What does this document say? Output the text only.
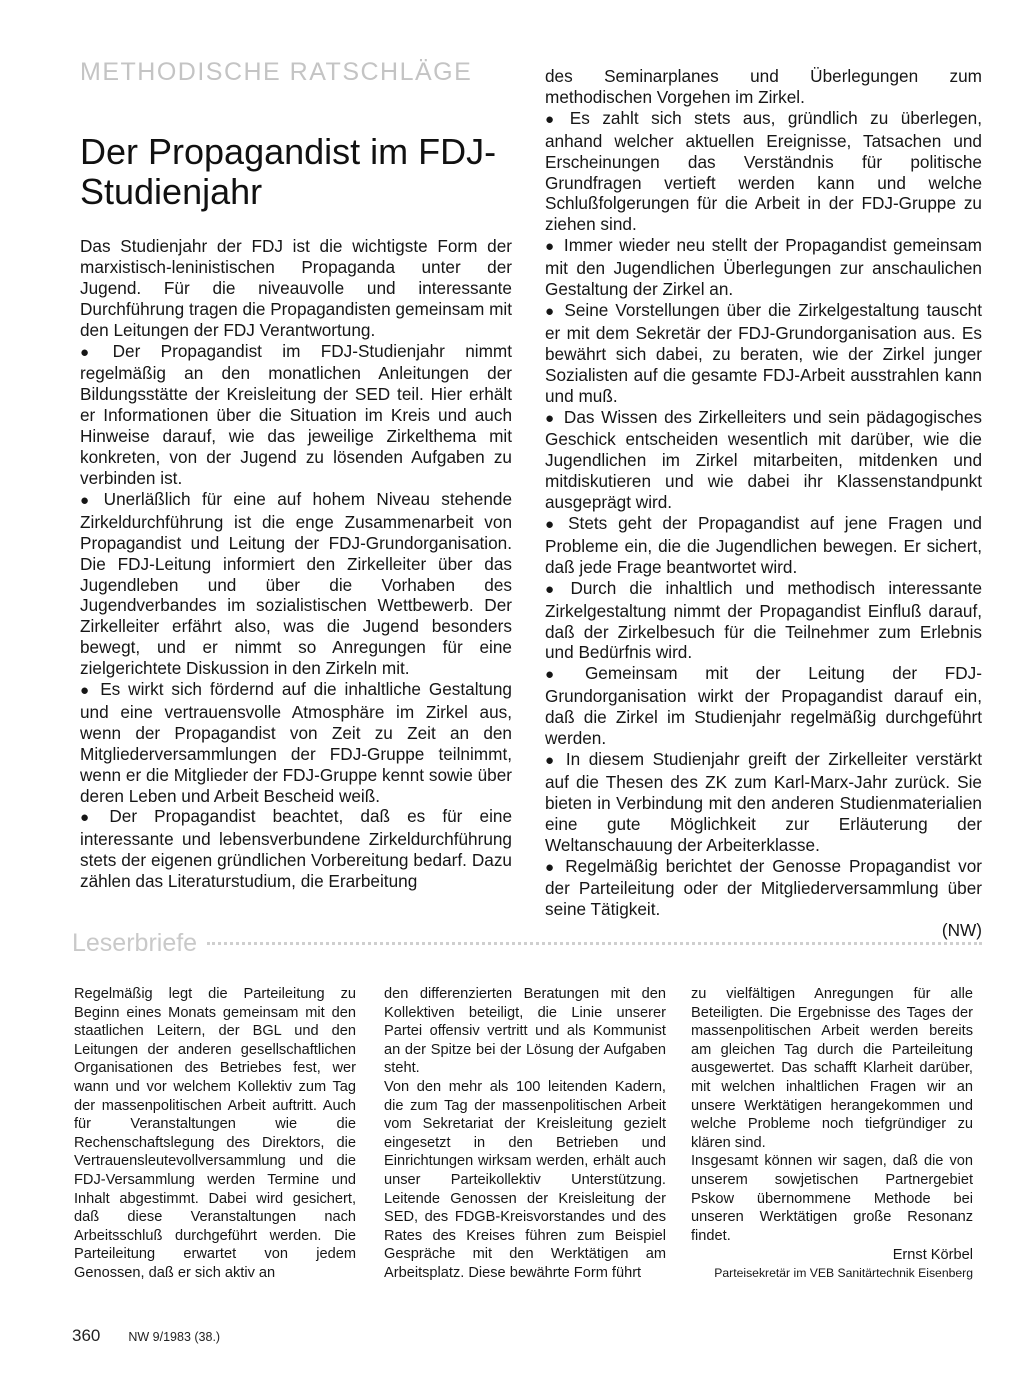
METHODISCHE RATSCHLÄGE
Der Propagandist im FDJ-Studienjahr

Das Studienjahr der FDJ ist die wichtigste Form der marxistisch-leninistischen Propaganda unter der Jugend. Für die niveauvolle und interessante Durchführung tragen die Propagandisten gemeinsam mit den Leitungen der FDJ Verantwortung.

● Der Propagandist im FDJ-Studienjahr nimmt regelmäßig an den monatlichen Anleitungen der Bildungsstätte der Kreisleitung der SED teil. Hier erhält er Informationen über die Situation im Kreis und auch Hinweise darauf, wie das jeweilige Zirkelthema mit konkreten, von der Jugend zu lösenden Aufgaben zu verbinden ist.

● Unerläßlich für eine auf hohem Niveau stehende Zirkeldurchführung ist die enge Zusammenarbeit von Propagandist und Leitung der FDJ-Grundorganisation. Die FDJ-Leitung informiert den Zirkelleiter über das Jugendleben und über die Vorhaben des Jugendverbandes im sozialistischen Wettbewerb. Der Zirkelleiter erfährt also, was die Jugend besonders bewegt, und er nimmt so Anregungen für eine zielgerichtete Diskussion in den Zirkeln mit.

● Es wirkt sich fördernd auf die inhaltliche Gestaltung und eine vertrauensvolle Atmosphäre im Zirkel aus, wenn der Propagandist von Zeit zu Zeit an den Mitgliederversammlungen der FDJ-Gruppe teilnimmt, wenn er die Mitglieder der FDJ-Gruppe kennt sowie über deren Leben und Arbeit Bescheid weiß.

● Der Propagandist beachtet, daß es für eine interessante und lebensverbundene Zirkeldurchführung stets der eigenen gründlichen Vorbereitung bedarf. Dazu zählen das Literaturstudium, die Erarbeitung

des Seminarplanes und Überlegungen zum methodischen Vorgehen im Zirkel.

● Es zahlt sich stets aus, gründlich zu überlegen, anhand welcher aktuellen Ereignisse, Tatsachen und Erscheinungen das Verständnis für politische Grundfragen vertieft werden kann und welche Schlußfolgerungen für die Arbeit in der FDJ-Gruppe zu ziehen sind.

● Immer wieder neu stellt der Propagandist gemeinsam mit den Jugendlichen Überlegungen zur anschaulichen Gestaltung der Zirkel an.

● Seine Vorstellungen über die Zirkelgestaltung tauscht er mit dem Sekretär der FDJ-Grundorganisation aus. Es bewährt sich dabei, zu beraten, wie der Zirkel junger Sozialisten auf die gesamte FDJ-Arbeit ausstrahlen kann und muß.

● Das Wissen des Zirkelleiters und sein pädagogisches Geschick entscheiden wesentlich mit darüber, wie die Jugendlichen im Zirkel mitarbeiten, mitdenken und mitdiskutieren und wie dabei ihr Klassenstandpunkt ausgeprägt wird.

● Stets geht der Propagandist auf jene Fragen und Probleme ein, die die Jugendlichen bewegen. Er sichert, daß jede Frage beantwortet wird.

● Durch die inhaltlich und methodisch interessante Zirkelgestaltung nimmt der Propagandist Einfluß darauf, daß der Zirkelbesuch für die Teilnehmer zum Erlebnis und Bedürfnis wird.

● Gemeinsam mit der Leitung der FDJ-Grundorganisation wirkt der Propagandist darauf ein, daß die Zirkel im Studienjahr regelmäßig durchgeführt werden.

● In diesem Studienjahr greift der Zirkelleiter verstärkt auf die Thesen des ZK zum Karl-Marx-Jahr zurück. Sie bieten in Verbindung mit den anderen Studienmaterialien eine gute Möglichkeit zur Erläuterung der Weltanschauung der Arbeiterklasse.

● Regelmäßig berichtet der Genosse Propagandist vor der Parteileitung oder der Mitgliederversammlung über seine Tätigkeit.

(NW)
Leserbriefe

Regelmäßig legt die Parteileitung zu Beginn eines Monats gemeinsam mit den staatlichen Leitern, der BGL und den Leitungen der anderen gesellschaftlichen Organisationen des Betriebes fest, wer wann und vor welchem Kollektiv zum Tag der massenpolitischen Arbeit auftritt. Auch für Veranstaltungen wie die Rechenschaftslegung des Direktors, die Vertrauensleutevollversammlung und die FDJ-Versammlung werden Termine und Inhalt abgestimmt. Dabei wird gesichert, daß diese Veranstaltungen nach Arbeitsschluß durchgeführt werden. Die Parteileitung erwartet von jedem Genossen, daß er sich aktiv an

den differenzierten Beratungen mit den Kollektiven beteiligt, die Linie unserer Partei offensiv vertritt und als Kommunist an der Spitze bei der Lösung der Aufgaben steht.

Von den mehr als 100 leitenden Kadern, die zum Tag der massenpolitischen Arbeit vom Sekretariat der Kreisleitung gezielt eingesetzt in den Betrieben und Einrichtungen wirksam werden, erhält auch unser Parteikollektiv Unterstützung. Leitende Genossen der Kreisleitung der SED, des FDGB-Kreisvorstandes und des Rates des Kreises führen zum Beispiel Gespräche mit den Werktätigen am Arbeitsplatz. Diese bewährte Form führt

zu vielfältigen Anregungen für alle Beteiligten. Die Ergebnisse des Tages der massenpolitischen Arbeit werden bereits am gleichen Tag durch die Parteileitung ausgewertet. Das schafft Klarheit darüber, mit welchen inhaltlichen Fragen wir an unsere Werktätigen herangekommen und welche Probleme noch tiefgründiger zu klären sind.

Insgesamt können wir sagen, daß die von unserem sowjetischen Partnergebiet Pskow übernommene Methode bei unseren Werktätigen große Resonanz findet.

Ernst Körbel

Parteisekretär im VEB Sanitärtechnik Eisenberg

360 NW 9/1983 (38.)
